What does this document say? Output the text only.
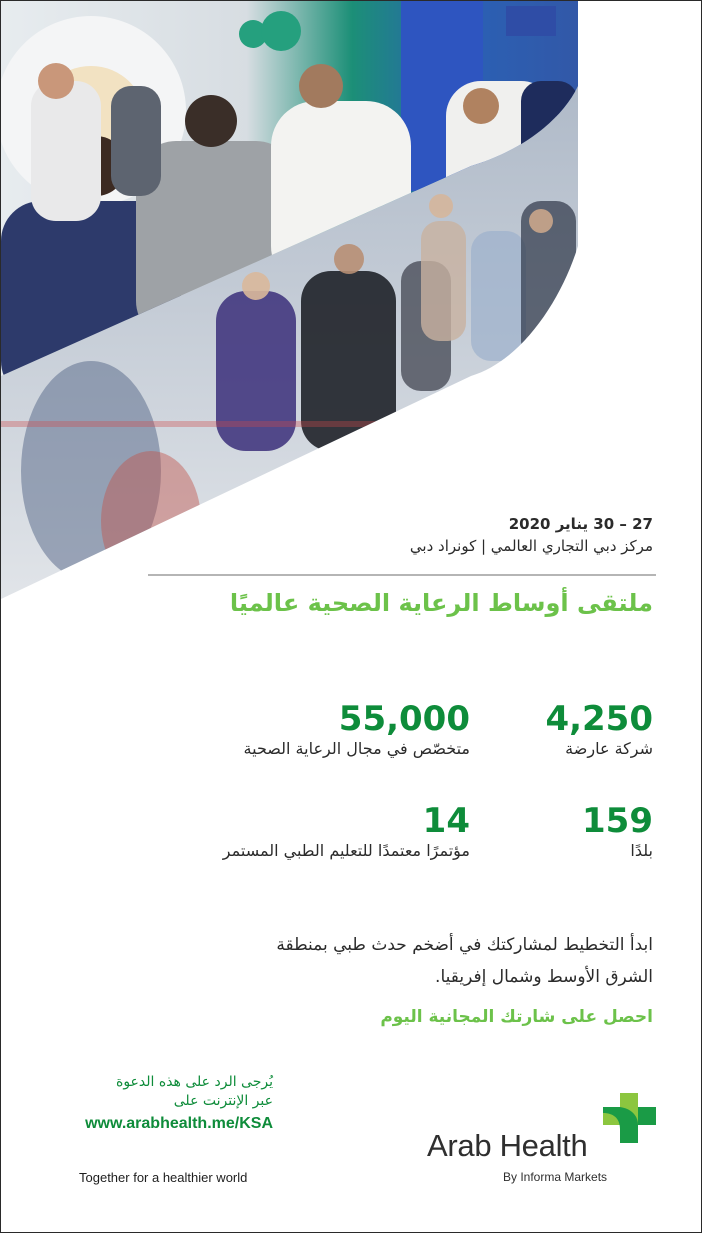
27 – 30 يناير 2020
مركز دبي التجاري العالمي | كونراد دبي
ملتقى أوساط الرعاية الصحية عالميًا
4,250
شركة عارضة
55,000
متخصّص في مجال الرعاية الصحية
159
بلدًا
14
مؤتمرًا معتمدًا للتعليم الطبي المستمر

ابدأ التخطيط لمشاركتك في أضخم حدث طبي بمنطقة

الشرق الأوسط وشمال إفريقيا.

احصل على شارتك المجانية اليوم
يُرجى الرد على هذه الدعوة
عبر الإنترنت على
www.arabhealth.me/KSA
Together for a healthier world
Arab Health
By Informa Markets
